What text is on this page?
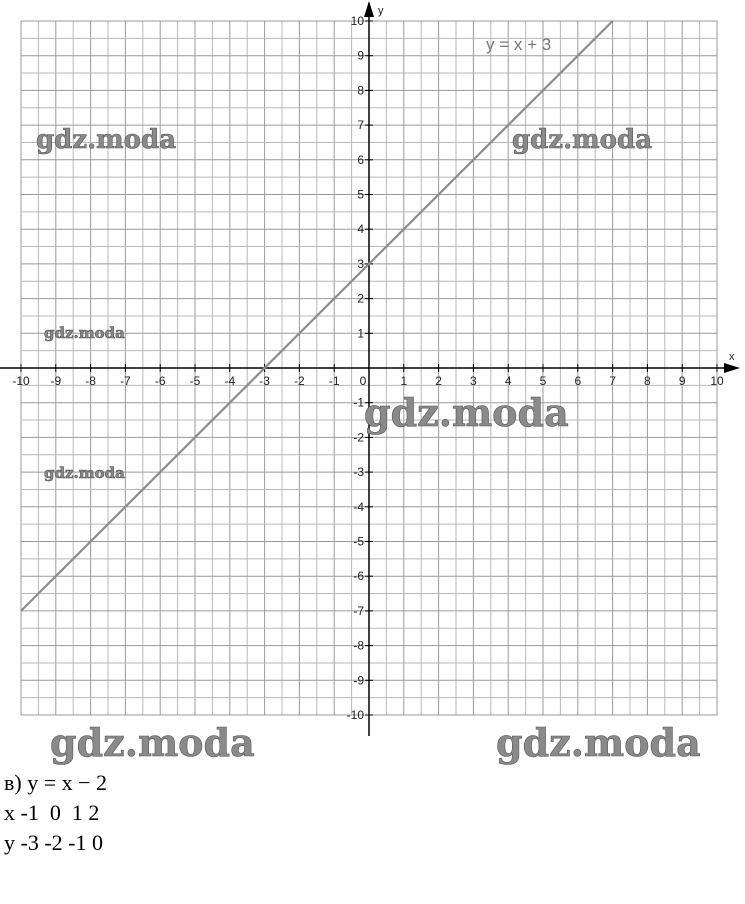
-10 -9 -8 -7 -6 -5 -4 -3 -2 -1 0	1 2 3 4 5 6 7 8 9 10
10
9
8
7
6
5
4
3
2
1
-1
-2
-3
-4
-5
-6
-7
-8
-9
-10
y = x + 3
x
y
gdz.moda	gdz.moda
gdz.moda
gdz.moda
gdz.moda
gdz.moda	gdz.moda
в) y = x − 2
x -1  0  1 2
y -3 -2 -1 0
